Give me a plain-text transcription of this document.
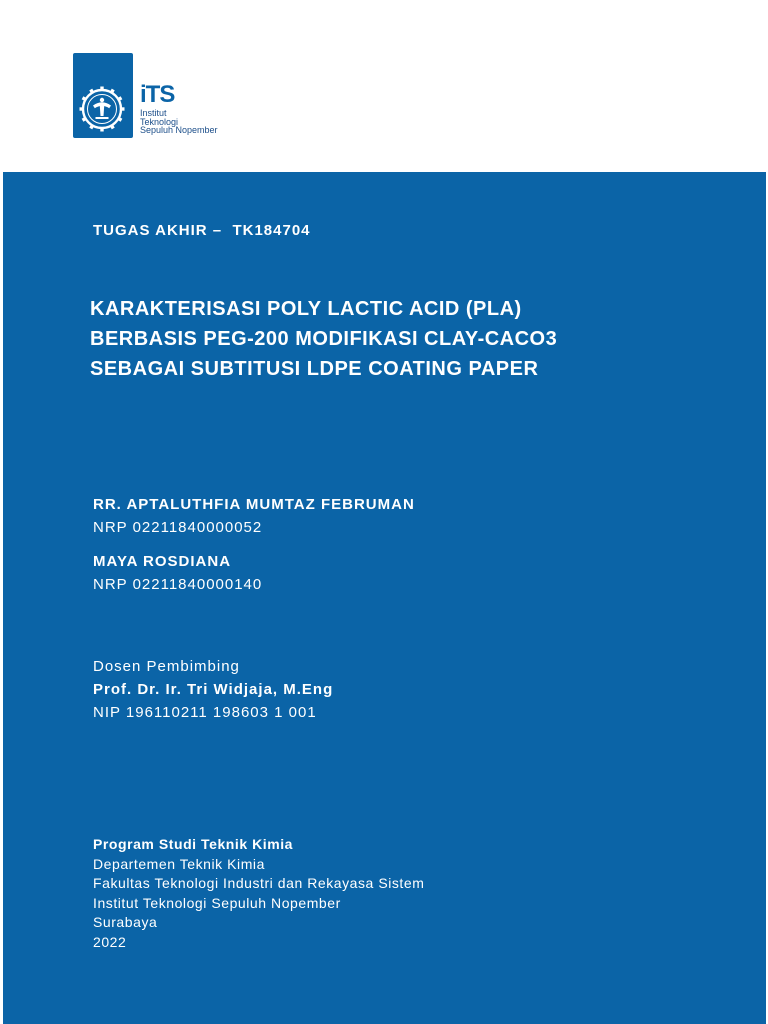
iTS
Institut
Teknologi
Sepuluh Nopember
TUGAS AKHIR –  TK184704
KARAKTERISASI POLY LACTIC ACID (PLA)
BERBASIS PEG-200 MODIFIKASI CLAY-CACO3
SEBAGAI SUBTITUSI LDPE COATING PAPER
RR. APTALUTHFIA MUMTAZ FEBRUMAN
NRP 02211840000052
MAYA ROSDIANA
NRP 02211840000140
Dosen Pembimbing
Prof. Dr. Ir. Tri Widjaja, M.Eng
NIP 196110211 198603 1 001
Program Studi Teknik Kimia
Departemen Teknik Kimia
Fakultas Teknologi Industri dan Rekayasa Sistem
Institut Teknologi Sepuluh Nopember
Surabaya
2022
